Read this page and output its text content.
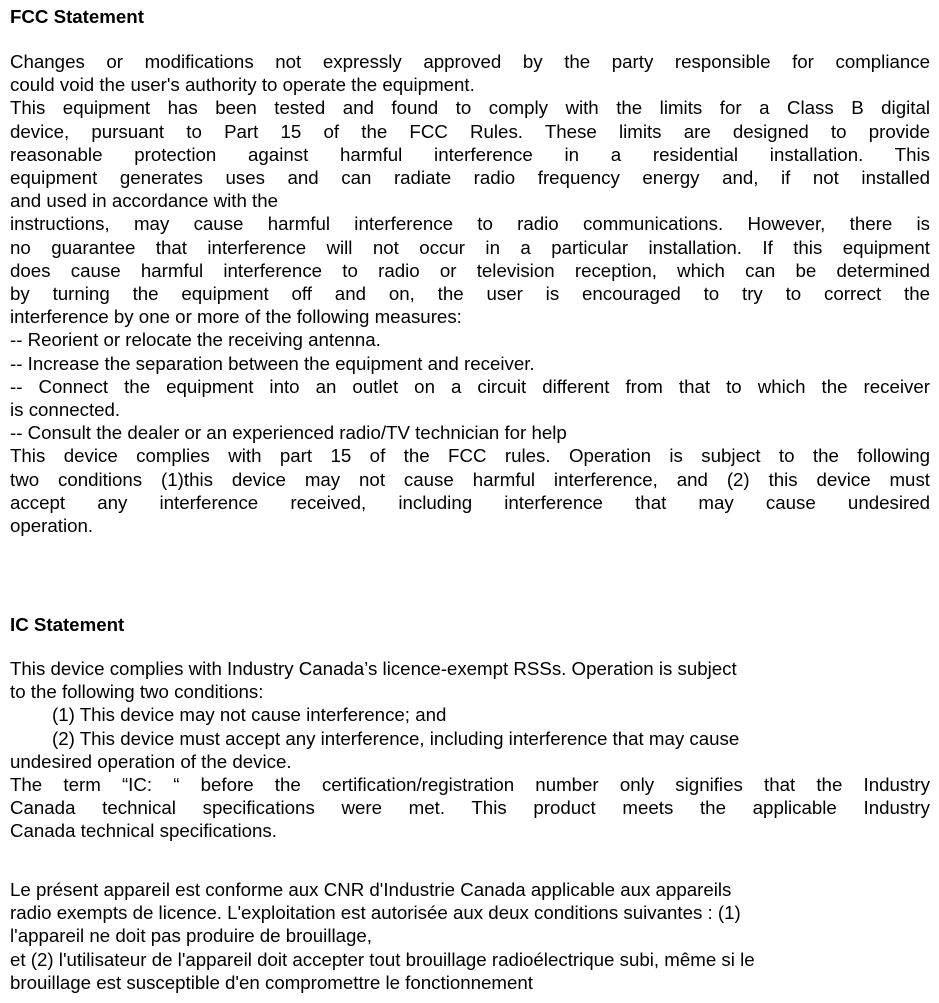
FCC Statement
Changes or modifications not expressly approved by the party responsible for compliance
could void the user's authority to operate the equipment.
This equipment has been tested and found to comply with the limits for a Class B digital
device, pursuant to Part 15 of the FCC Rules. These limits are designed to provide
reasonable protection against harmful interference in a residential installation. This
equipment generates uses and can radiate radio frequency energy and, if not installed
and used in accordance with the
instructions, may cause harmful interference to radio communications. However, there is
no guarantee that interference will not occur in a particular installation. If this equipment
does cause harmful interference to radio or television reception, which can be determined
by turning the equipment off and on, the user is encouraged to try to correct the
interference by one or more of the following measures:
-- Reorient or relocate the receiving antenna.
-- Increase the separation between the equipment and receiver.
-- Connect the equipment into an outlet on a circuit different from that to which the receiver
is connected.
-- Consult the dealer or an experienced radio/TV technician for help
This device complies with part 15 of the FCC rules. Operation is subject to the following
two conditions (1)this device may not cause harmful interference, and (2) this device must
accept any interference received, including interference that may cause undesired
operation.
IC Statement
This device complies with Industry Canada’s licence-exempt RSSs. Operation is subject
to the following two conditions:
(1) This device may not cause interference; and
(2) This device must accept any interference, including interference that may cause
undesired operation of the device.
The term “IC: “ before the certification/registration number only signifies that the Industry
Canada technical specifications were met. This product meets the applicable Industry
Canada technical specifications.
Le présent appareil est conforme aux CNR d'Industrie Canada applicable aux appareils
radio exempts de licence. L'exploitation est autorisée aux deux conditions suivantes : (1)
l'appareil ne doit pas produire de brouillage,
et (2) l'utilisateur de l'appareil doit accepter tout brouillage radioélectrique subi, même si le
brouillage est susceptible d'en compromettre le fonctionnement
